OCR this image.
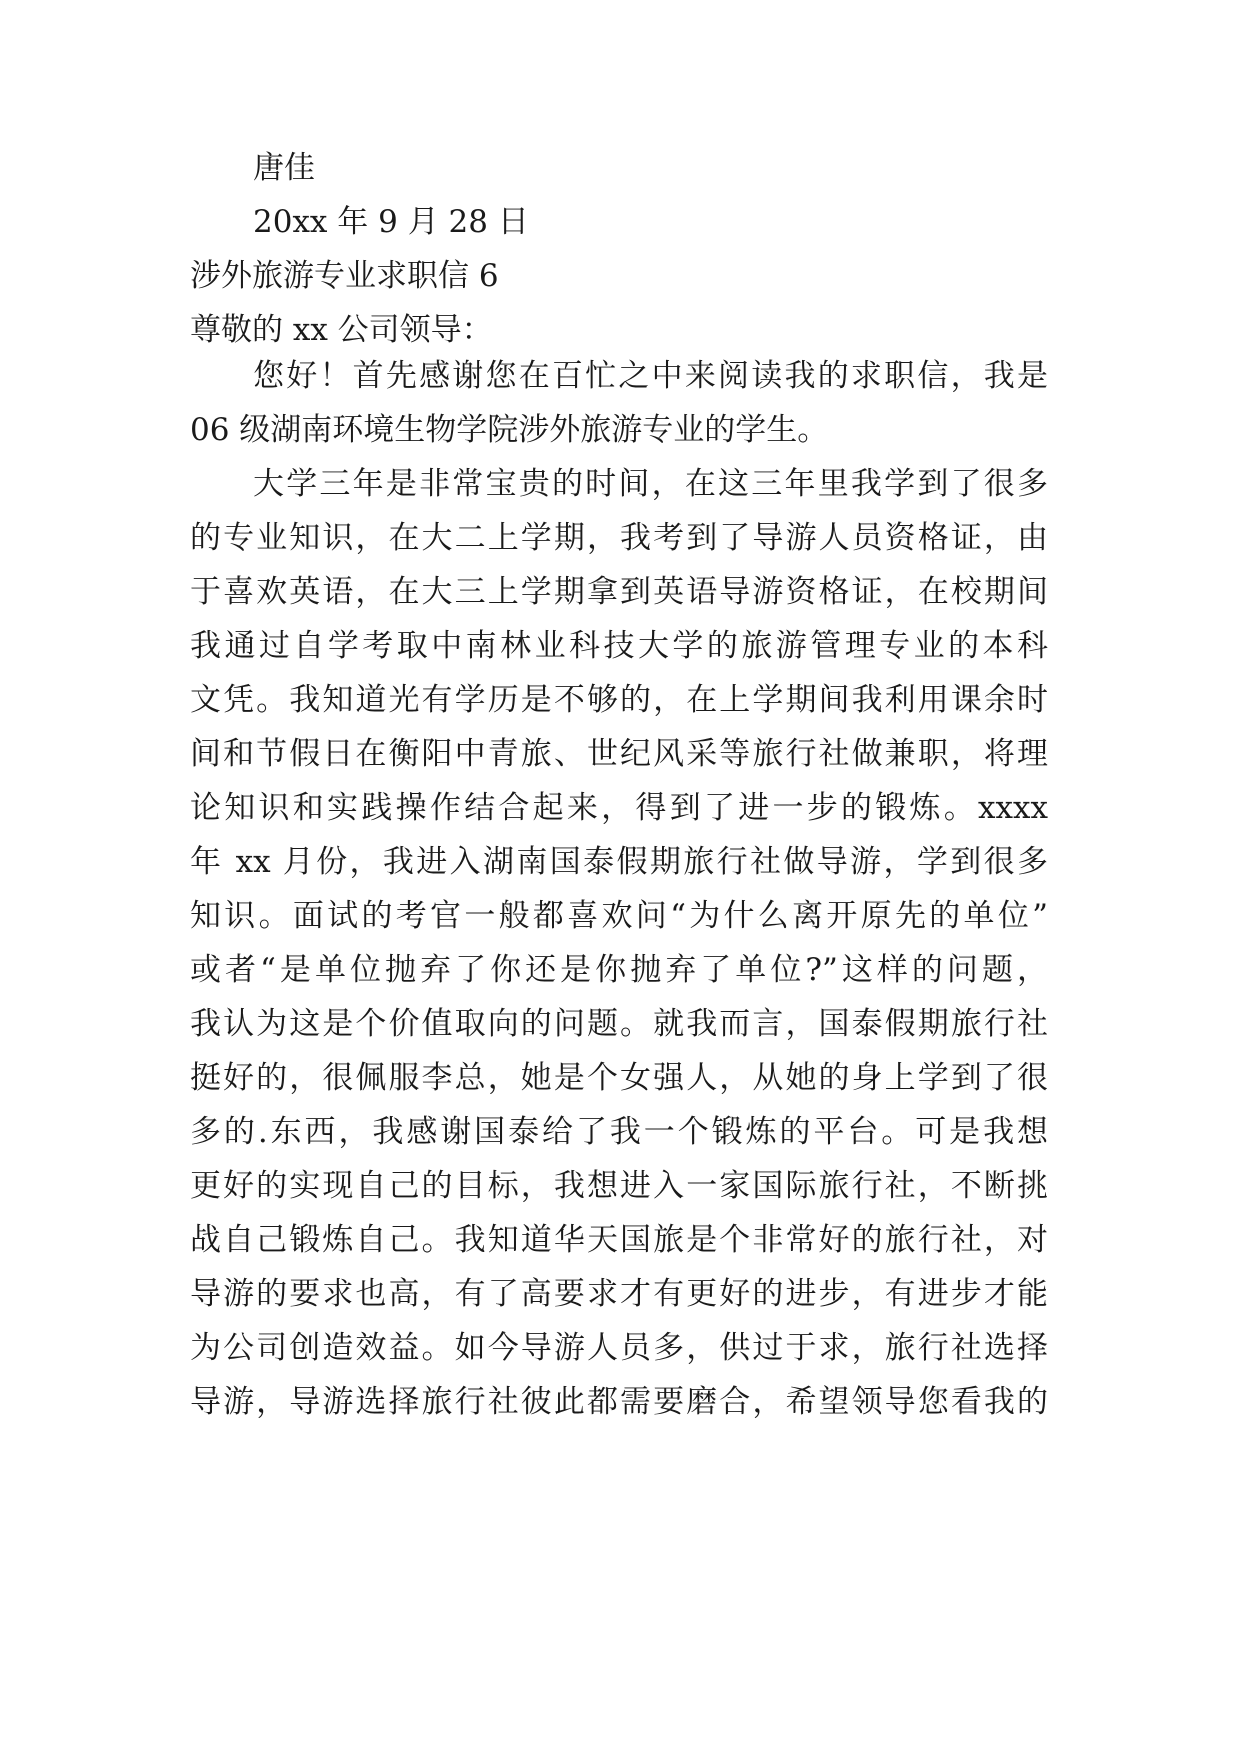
唐佳
20xx 年 9 月 28 日
涉外旅游专业求职信 6
尊敬的 xx 公司领导：
您好！首先感谢您在百忙之中来阅读我的求职信，我是
06 级湖南环境生物学院涉外旅游专业的学生。
大学三年是非常宝贵的时间，在这三年里我学到了很多
的专业知识，在大二上学期，我考到了导游人员资格证，由
于喜欢英语，在大三上学期拿到英语导游资格证，在校期间
我通过自学考取中南林业科技大学的旅游管理专业的本科
文凭。我知道光有学历是不够的，在上学期间我利用课余时
间和节假日在衡阳中青旅、世纪风采等旅行社做兼职，将理
论知识和实践操作结合起来，得到了进一步的锻炼。xxxx
年 xx 月份，我进入湖南国泰假期旅行社做导游，学到很多
知识。面试的考官一般都喜欢问“为什么离开原先的单位”
或者“是单位抛弃了你还是你抛弃了单位?”这样的问题，
我认为这是个价值取向的问题。就我而言，国泰假期旅行社
挺好的，很佩服李总，她是个女强人，从她的身上学到了很
多的.东西，我感谢国泰给了我一个锻炼的平台。可是我想
更好的实现自己的目标，我想进入一家国际旅行社，不断挑
战自己锻炼自己。我知道华天国旅是个非常好的旅行社，对
导游的要求也高，有了高要求才有更好的进步，有进步才能
为公司创造效益。如今导游人员多，供过于求，旅行社选择
导游，导游选择旅行社彼此都需要磨合，希望领导您看我的
